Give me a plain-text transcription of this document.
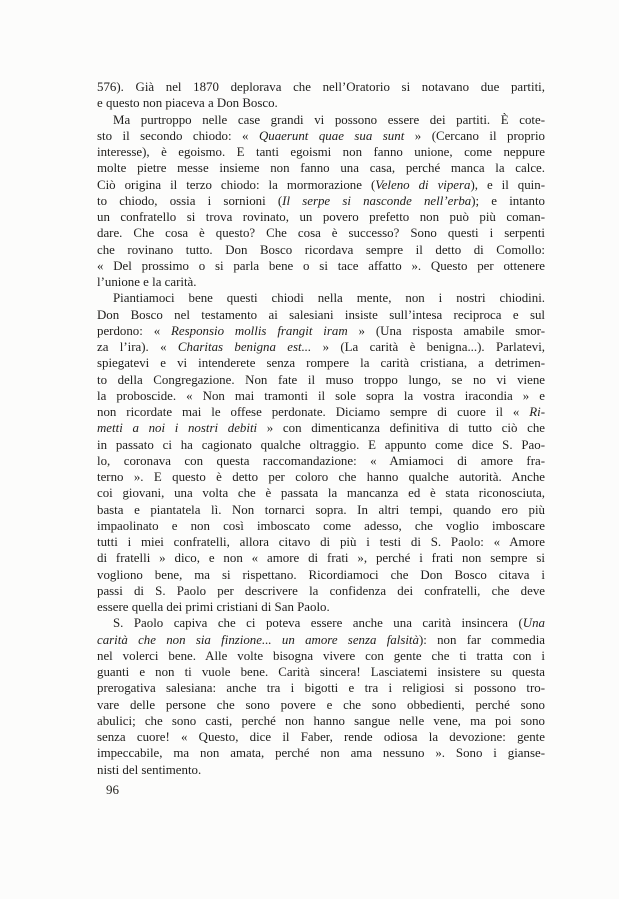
576). Già nel 1870 deplorava che nell’Oratorio si notavano due partiti,
e questo non piaceva a Don Bosco.
Ma purtroppo nelle case grandi vi possono essere dei partiti. È cote-
sto il secondo chiodo: « Quaerunt quae sua sunt » (Cercano il proprio
interesse), è egoismo. E tanti egoismi non fanno unione, come neppure
molte pietre messe insieme non fanno una casa, perché manca la calce.
Ciò origina il terzo chiodo: la mormorazione (Veleno di vipera), e il quin-
to chiodo, ossia i sornioni (Il serpe si nasconde nell’erba); e intanto
un confratello si trova rovinato, un povero prefetto non può più coman-
dare. Che cosa è questo? Che cosa è successo? Sono questi i serpenti
che rovinano tutto. Don Bosco ricordava sempre il detto di Comollo:
« Del prossimo o si parla bene o si tace affatto ». Questo per ottenere
l’unione e la carità.
Piantiamoci bene questi chiodi nella mente, non i nostri chiodini.
Don Bosco nel testamento ai salesiani insiste sull’intesa reciproca e sul
perdono: « Responsio mollis frangit iram » (Una risposta amabile smor-
za l’ira). « Charitas benigna est... » (La carità è benigna...). Parlatevi,
spiegatevi e vi intenderete senza rompere la carità cristiana, a detrimen-
to della Congregazione. Non fate il muso troppo lungo, se no vi viene
la proboscide. « Non mai tramonti il sole sopra la vostra iracondia » e
non ricordate mai le offese perdonate. Diciamo sempre di cuore il « Ri-
metti a noi i nostri debiti » con dimenticanza definitiva di tutto ciò che
in passato ci ha cagionato qualche oltraggio. E appunto come dice S. Pao-
lo, coronava con questa raccomandazione: « Amiamoci di amore fra-
terno ». E questo è detto per coloro che hanno qualche autorità. Anche
coi giovani, una volta che è passata la mancanza ed è stata riconosciuta,
basta e piantatela lì. Non tornarci sopra. In altri tempi, quando ero più
impaolinato e non così imboscato come adesso, che voglio imboscare
tutti i miei confratelli, allora citavo di più i testi di S. Paolo: « Amore
di fratelli » dico, e non « amore di frati », perché i frati non sempre si
vogliono bene, ma si rispettano. Ricordiamoci che Don Bosco citava i
passi di S. Paolo per descrivere la confidenza dei confratelli, che deve
essere quella dei primi cristiani di San Paolo.
S. Paolo capiva che ci poteva essere anche una carità insincera (Una
carità che non sia finzione... un amore senza falsità): non far commedia
nel volerci bene. Alle volte bisogna vivere con gente che ti tratta con i
guanti e non ti vuole bene. Carità sincera! Lasciatemi insistere su questa
prerogativa salesiana: anche tra i bigotti e tra i religiosi si possono tro-
vare delle persone che sono povere e che sono obbedienti, perché sono
abulici; che sono casti, perché non hanno sangue nelle vene, ma poi sono
senza cuore! « Questo, dice il Faber, rende odiosa la devozione: gente
impeccabile, ma non amata, perché non ama nessuno ». Sono i gianse-
nisti del sentimento.
96
